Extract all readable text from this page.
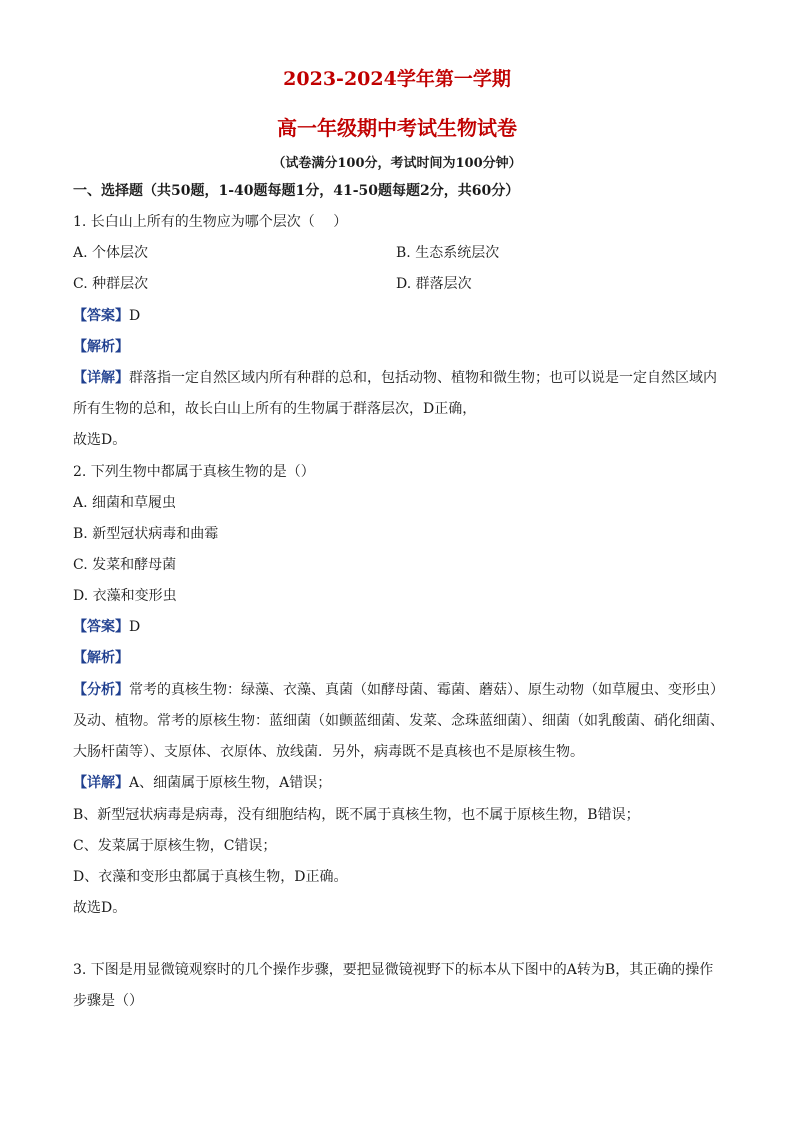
2023-2024学年第一学期
高一年级期中考试生物试卷
（试卷满分100分，考试时间为100分钟）
一、选择题（共50题，1-40题每题1分，41-50题每题2分，共60分）
1. 长白山上所有的生物应为哪个层次（　 ）
A. 个体层次	B. 生态系统层次
C. 种群层次	D. 群落层次
【答案】D
【解析】
【详解】群落指一定自然区域内所有种群的总和，包括动物、植物和微生物；也可以说是一定自然区域内
所有生物的总和，故长白山上所有的生物属于群落层次，D正确，
故选D。
2. 下列生物中都属于真核生物的是（）
A. 细菌和草履虫
B. 新型冠状病毒和曲霉
C. 发菜和酵母菌
D. 衣藻和变形虫
【答案】D
【解析】
【分析】常考的真核生物：绿藻、衣藻、真菌（如酵母菌、霉菌、蘑菇）、原生动物（如草履虫、变形虫）
及动、植物。常考的原核生物：蓝细菌（如颤蓝细菌、发菜、念珠蓝细菌）、细菌（如乳酸菌、硝化细菌、
大肠杆菌等）、支原体、衣原体、放线菌．另外，病毒既不是真核也不是原核生物。
【详解】A、细菌属于原核生物，A错误；
B、新型冠状病毒是病毒，没有细胞结构，既不属于真核生物，也不属于原核生物，B错误；
C、发菜属于原核生物，C错误；
D、衣藻和变形虫都属于真核生物，D正确。
故选D。
3. 下图是用显微镜观察时的几个操作步骤，要把显微镜视野下的标本从下图中的A转为B，其正确的操作
步骤是（）
